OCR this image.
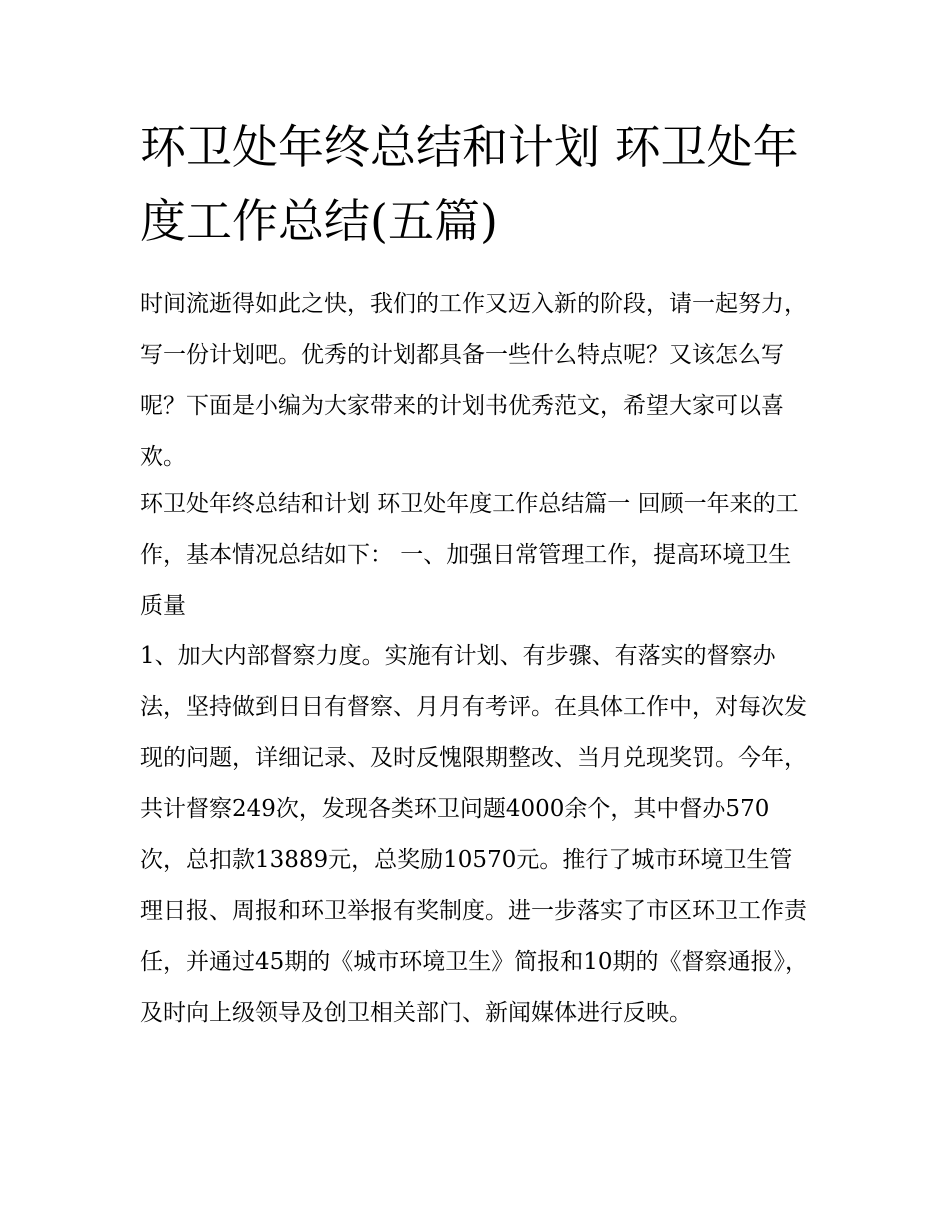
环卫处年终总结和计划 环卫处年度工作总结(五篇)

时间流逝得如此之快，我们的工作又迈入新的阶段，请一起努力，写一份计划吧。优秀的计划都具备一些什么特点呢？又该怎么写呢？下面是小编为大家带来的计划书优秀范文，希望大家可以喜欢。

环卫处年终总结和计划 环卫处年度工作总结篇一 回顾一年来的工作，基本情况总结如下： 一、加强日常管理工作，提高环境卫生质量

1、加大内部督察力度。实施有计划、有步骤、有落实的督察办法，坚持做到日日有督察、月月有考评。在具体工作中，对每次发现的问题，详细记录、及时反愧限期整改、当月兑现奖罚。今年，共计督察249次，发现各类环卫问题4000余个，其中督办570次，总扣款13889元，总奖励10570元。推行了城市环境卫生管理日报、周报和环卫举报有奖制度。进一步落实了市区环卫工作责任，并通过45期的《城市环境卫生》简报和10期的《督察通报》，及时向上级领导及创卫相关部门、新闻媒体进行反映。
